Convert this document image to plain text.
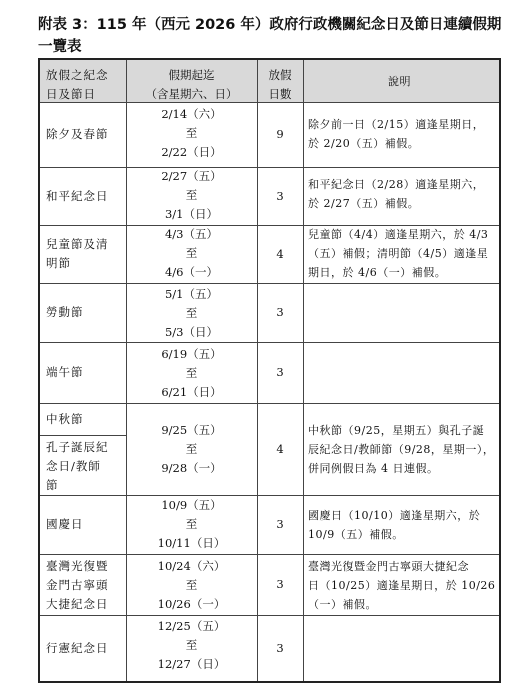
附表 3：115 年（西元 2026 年）政府行政機關紀念日及節日連續假期一覽表
放假之紀念
日及節日
假期起迄
（含星期六、日）
放假
日數
說明
除夕及春節
2/14（六）
至
2/22（日）
9
除夕前一日（2/15）適逢星期日，
於 2/20（五）補假。
和平紀念日
2/27（五）
至
3/1（日）
3
和平紀念日（2/28）適逢星期六，
於 2/27（五）補假。
兒童節及清
明節
4/3（五）
至
4/6（一）
4
兒童節（4/4）適逢星期六，於 4/3
（五）補假；清明節（4/5）適逢星
期日，於 4/6（一）補假。
勞動節
5/1（五）
至
5/3（日）
3
端午節
6/19（五）
至
6/21（日）
3
中秋節
孔子誕辰紀
念日/教師
節
9/25（五）
至
9/28（一）
4
中秋節（9/25，星期五）與孔子誕
辰紀念日/教師節（9/28，星期一），
併同例假日為 4 日連假。
國慶日
10/9（五）
至
10/11（日）
3
國慶日（10/10）適逢星期六，於
10/9（五）補假。
臺灣光復暨
金門古寧頭
大捷紀念日
10/24（六）
至
10/26（一）
3
臺灣光復暨金門古寧頭大捷紀念
日（10/25）適逢星期日，於 10/26
（一）補假。
行憲紀念日
12/25（五）
至
12/27（日）
3
